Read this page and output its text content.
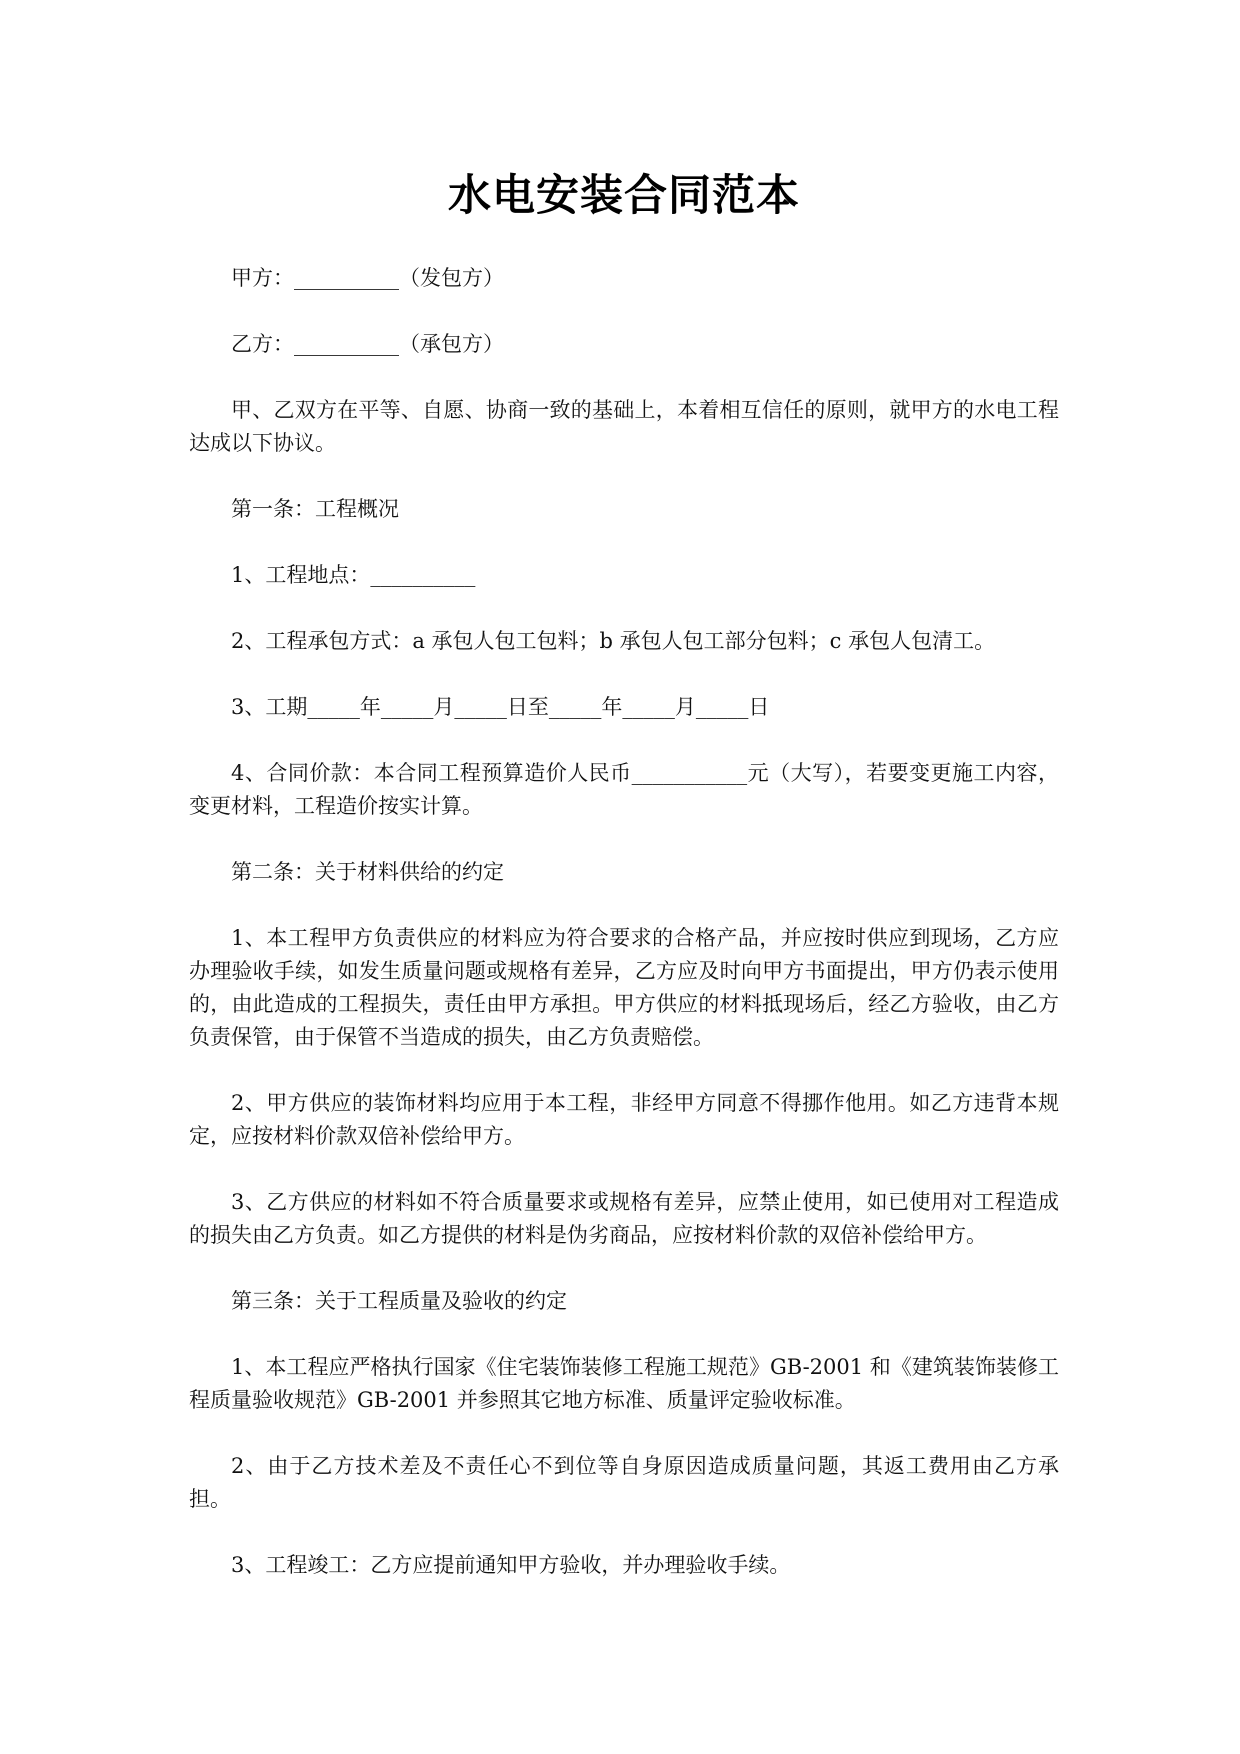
水电安装合同范本

甲方：__________（发包方）

乙方：__________（承包方）

甲、乙双方在平等、自愿、协商一致的基础上，本着相互信任的原则，就甲方的水电工程达成以下协议。

第一条：工程概况

1、工程地点：__________

2、工程承包方式：a 承包人包工包料；b 承包人包工部分包料；c 承包人包清工。

3、工期_____年_____月_____日至_____年_____月_____日

4、合同价款：本合同工程预算造价人民币___________元（大写），若要变更施工内容，变更材料，工程造价按实计算。

第二条：关于材料供给的约定

1、本工程甲方负责供应的材料应为符合要求的合格产品，并应按时供应到现场，乙方应办理验收手续，如发生质量问题或规格有差异，乙方应及时向甲方书面提出，甲方仍表示使用的，由此造成的工程损失，责任由甲方承担。甲方供应的材料抵现场后，经乙方验收，由乙方负责保管，由于保管不当造成的损失，由乙方负责赔偿。

2、甲方供应的装饰材料均应用于本工程，非经甲方同意不得挪作他用。如乙方违背本规定，应按材料价款双倍补偿给甲方。

3、乙方供应的材料如不符合质量要求或规格有差异，应禁止使用，如已使用对工程造成的损失由乙方负责。如乙方提供的材料是伪劣商品，应按材料价款的双倍补偿给甲方。

第三条：关于工程质量及验收的约定

1、本工程应严格执行国家《住宅装饰装修工程施工规范》GB-2001 和《建筑装饰装修工程质量验收规范》GB-2001 并参照其它地方标准、质量评定验收标准。

2、由于乙方技术差及不责任心不到位等自身原因造成质量问题，其返工费用由乙方承担。

3、工程竣工：乙方应提前通知甲方验收，并办理验收手续。
